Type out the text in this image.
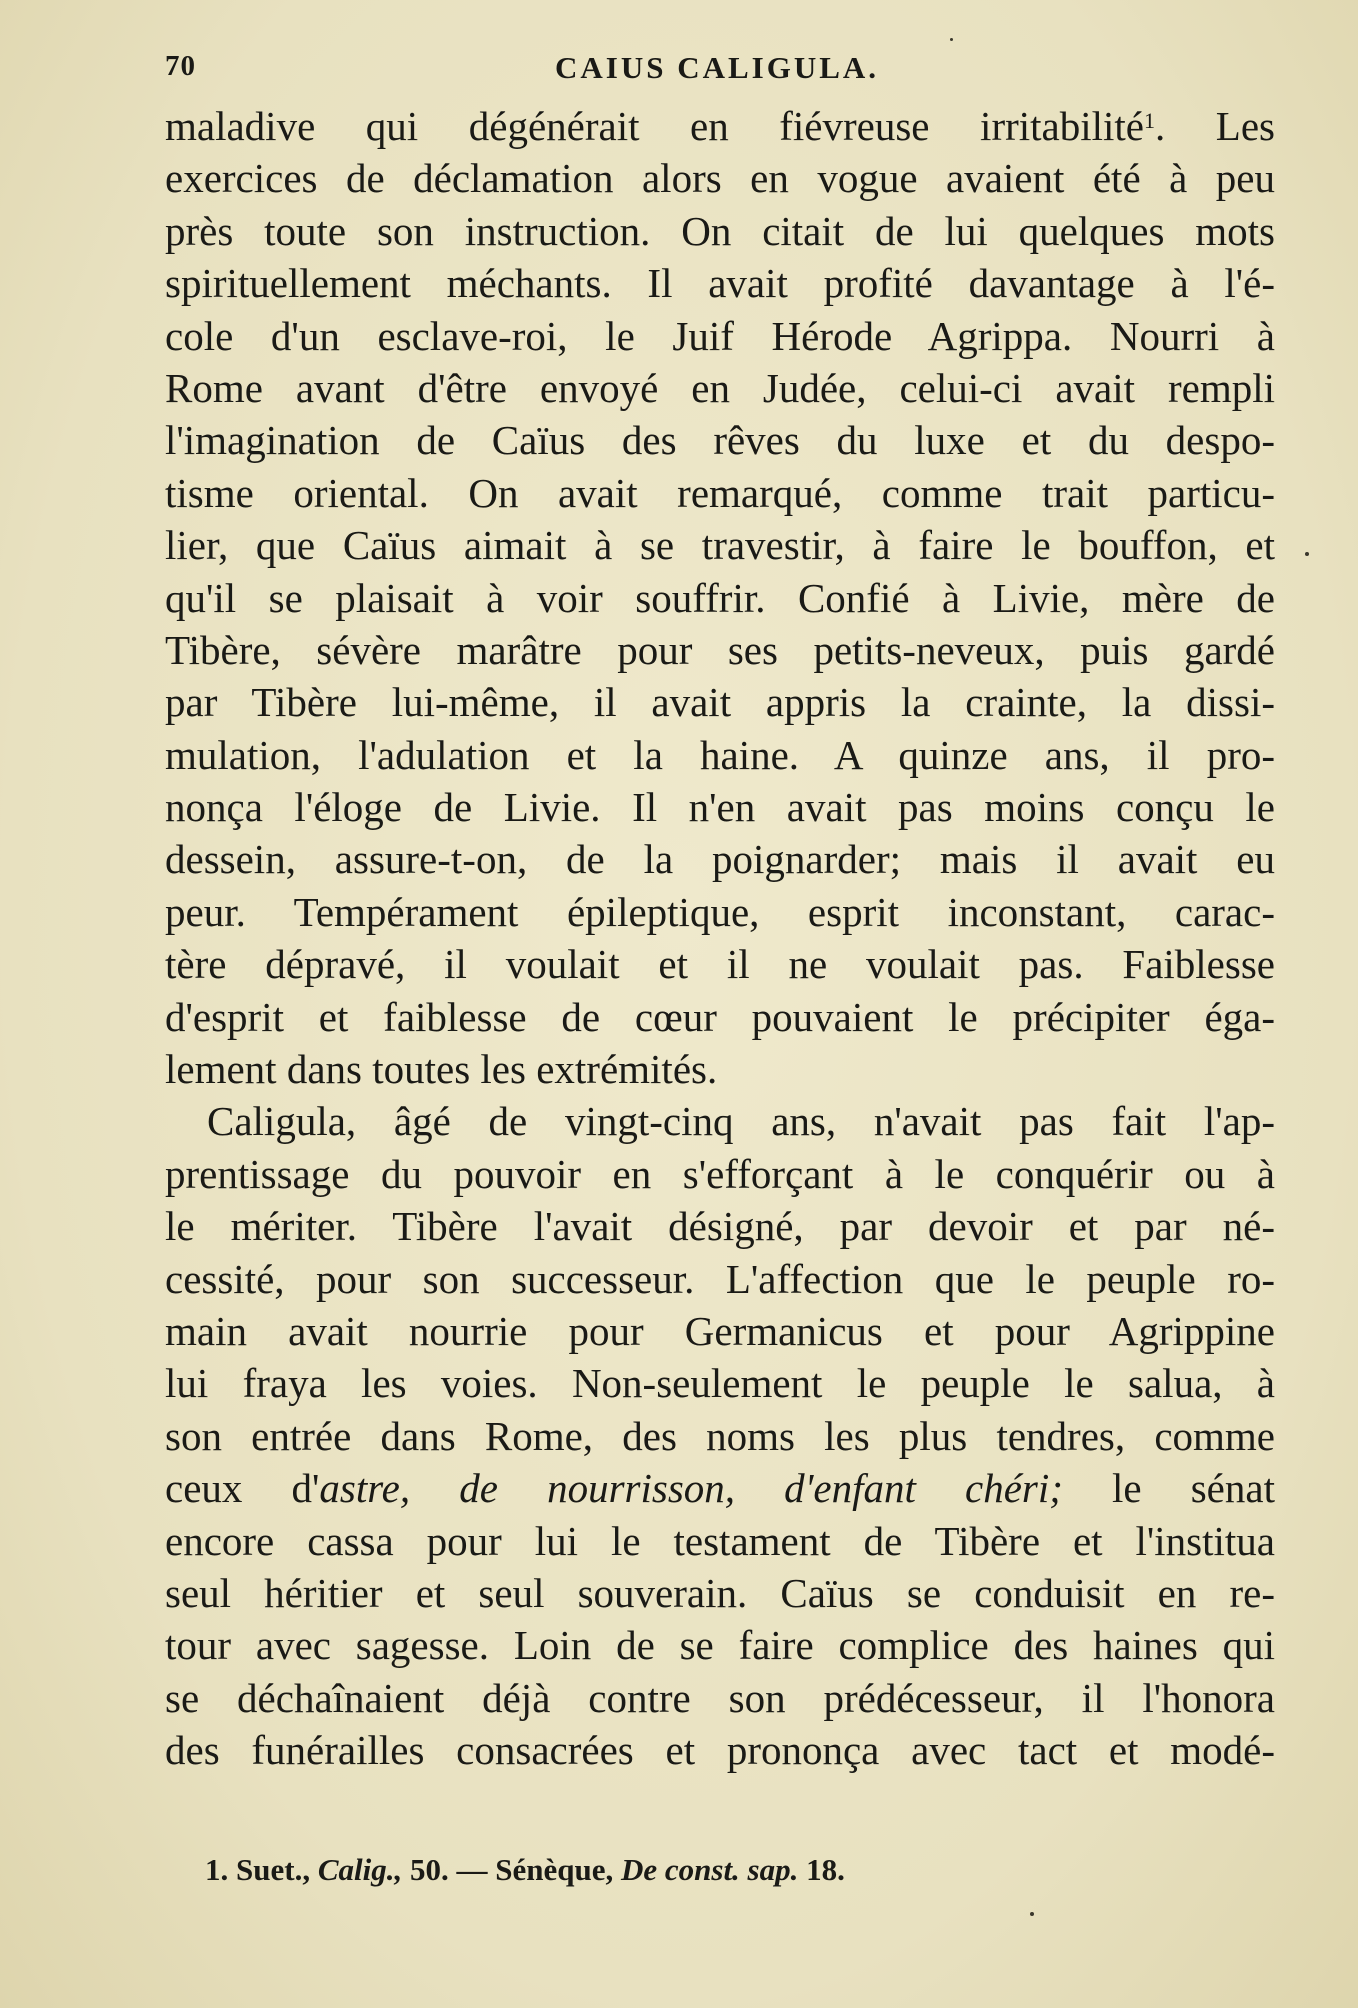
70	CAIUS CALIGULA.
maladive qui dégénérait en fiévreuse irritabilité$^1$. Les
exercices de déclamation alors en vogue avaient été à peu
près toute son instruction. On citait de lui quelques mots
spirituellement méchants. Il avait profité davantage à l'é-
cole d'un esclave-roi, le Juif Hérode Agrippa. Nourri à
Rome avant d'être envoyé en Judée, celui-ci avait rempli
l'imagination de Caïus des rêves du luxe et du despo-
tisme oriental. On avait remarqué, comme trait particu-
lier, que Caïus aimait à se travestir, à faire le bouffon, et
qu'il se plaisait à voir souffrir. Confié à Livie, mère de
Tibère, sévère marâtre pour ses petits-neveux, puis gardé
par Tibère lui-même, il avait appris la crainte, la dissi-
mulation, l'adulation et la haine. A quinze ans, il pro-
nonça l'éloge de Livie. Il n'en avait pas moins conçu le
dessein, assure-t-on, de la poignarder; mais il avait eu
peur. Tempérament épileptique, esprit inconstant, carac-
tère dépravé, il voulait et il ne voulait pas. Faiblesse
d'esprit et faiblesse de cœur pouvaient le précipiter éga-
lement dans toutes les extrémités.
Caligula, âgé de vingt-cinq ans, n'avait pas fait l'ap-
prentissage du pouvoir en s'efforçant à le conquérir ou à
le mériter. Tibère l'avait désigné, par devoir et par né-
cessité, pour son successeur. L'affection que le peuple ro-
main avait nourrie pour Germanicus et pour Agrippine
lui fraya les voies. Non-seulement le peuple le salua, à
son entrée dans Rome, des noms les plus tendres, comme
ceux d'astre, de nourrisson, d'enfant chéri; le sénat
encore cassa pour lui le testament de Tibère et l'institua
seul héritier et seul souverain. Caïus se conduisit en re-
tour avec sagesse. Loin de se faire complice des haines qui
se déchaînaient déjà contre son prédécesseur, il l'honora
des funérailles consacrées et prononça avec tact et modé-
1. Suet., Calig., 50. — Sénèque, De const. sap. 18.
